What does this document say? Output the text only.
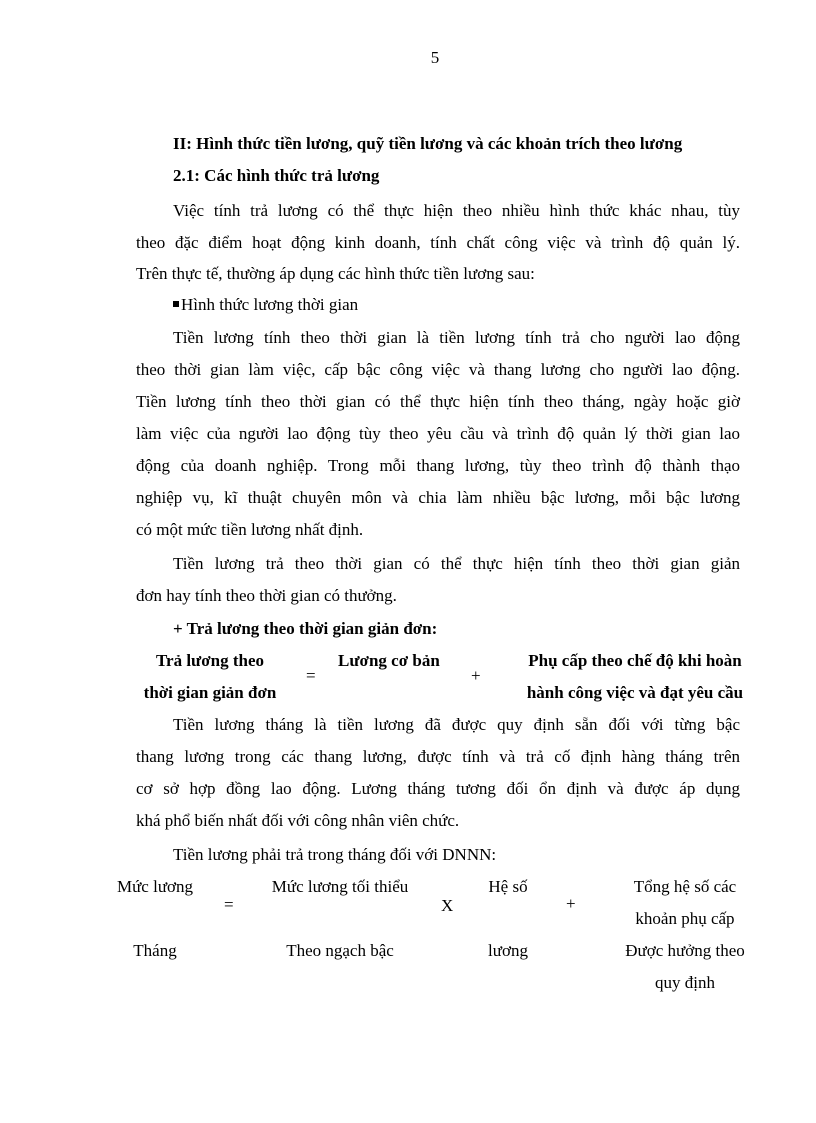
5
II: Hình thức tiền lương, quỹ tiền lương và các khoản trích theo lương
2.1: Các hình thức trả lương
Việc tính trả lương có thể thực hiện theo nhiều hình thức khác nhau, tùy
theo đặc điểm hoạt động kinh doanh, tính chất công việc và trình độ quản lý.
Trên thực tế, thường áp dụng các hình thức tiền lương sau:
Hình thức lương thời gian
Tiền lương tính theo thời gian là tiền lương tính trả cho người lao động
theo thời gian làm việc, cấp bậc công việc và thang lương cho người lao động.
Tiền lương tính theo thời gian có thể thực hiện tính theo tháng, ngày hoặc giờ
làm việc của người lao động tùy theo yêu cầu và trình độ quản lý thời gian lao
động của doanh nghiệp. Trong mỗi thang lương, tùy theo trình độ thành thạo
nghiệp vụ, kĩ thuật chuyên môn và chia làm nhiều bậc lương, mỗi bậc lương
có một mức tiền lương nhất định.
Tiền lương trả theo thời gian có thể thực hiện tính theo thời gian giản
đơn hay tính theo thời gian có thưởng.
+ Trả lương theo thời gian giản đơn:
Trả lương theo
thời gian giản đơn
=
Lương cơ bản
+
Phụ cấp theo chế độ khi hoàn
hành công việc và đạt yêu cầu
Tiền lương tháng là tiền lương đã được quy định sẵn đối với từng bậc
thang lương trong các thang lương, được tính và trả cố định hàng tháng trên
cơ sở hợp đồng lao động. Lương tháng tương đối ổn định và được áp dụng
khá phổ biến nhất đối với công nhân viên chức.
Tiền lương phải trả trong tháng đối với DNNN:
Mức lương
Tháng
=
Mức lương tối thiểu
Theo ngạch bậc
X
Hệ số
lương
+
Tổng hệ số các
khoản phụ cấp
Được hưởng theo
quy định
